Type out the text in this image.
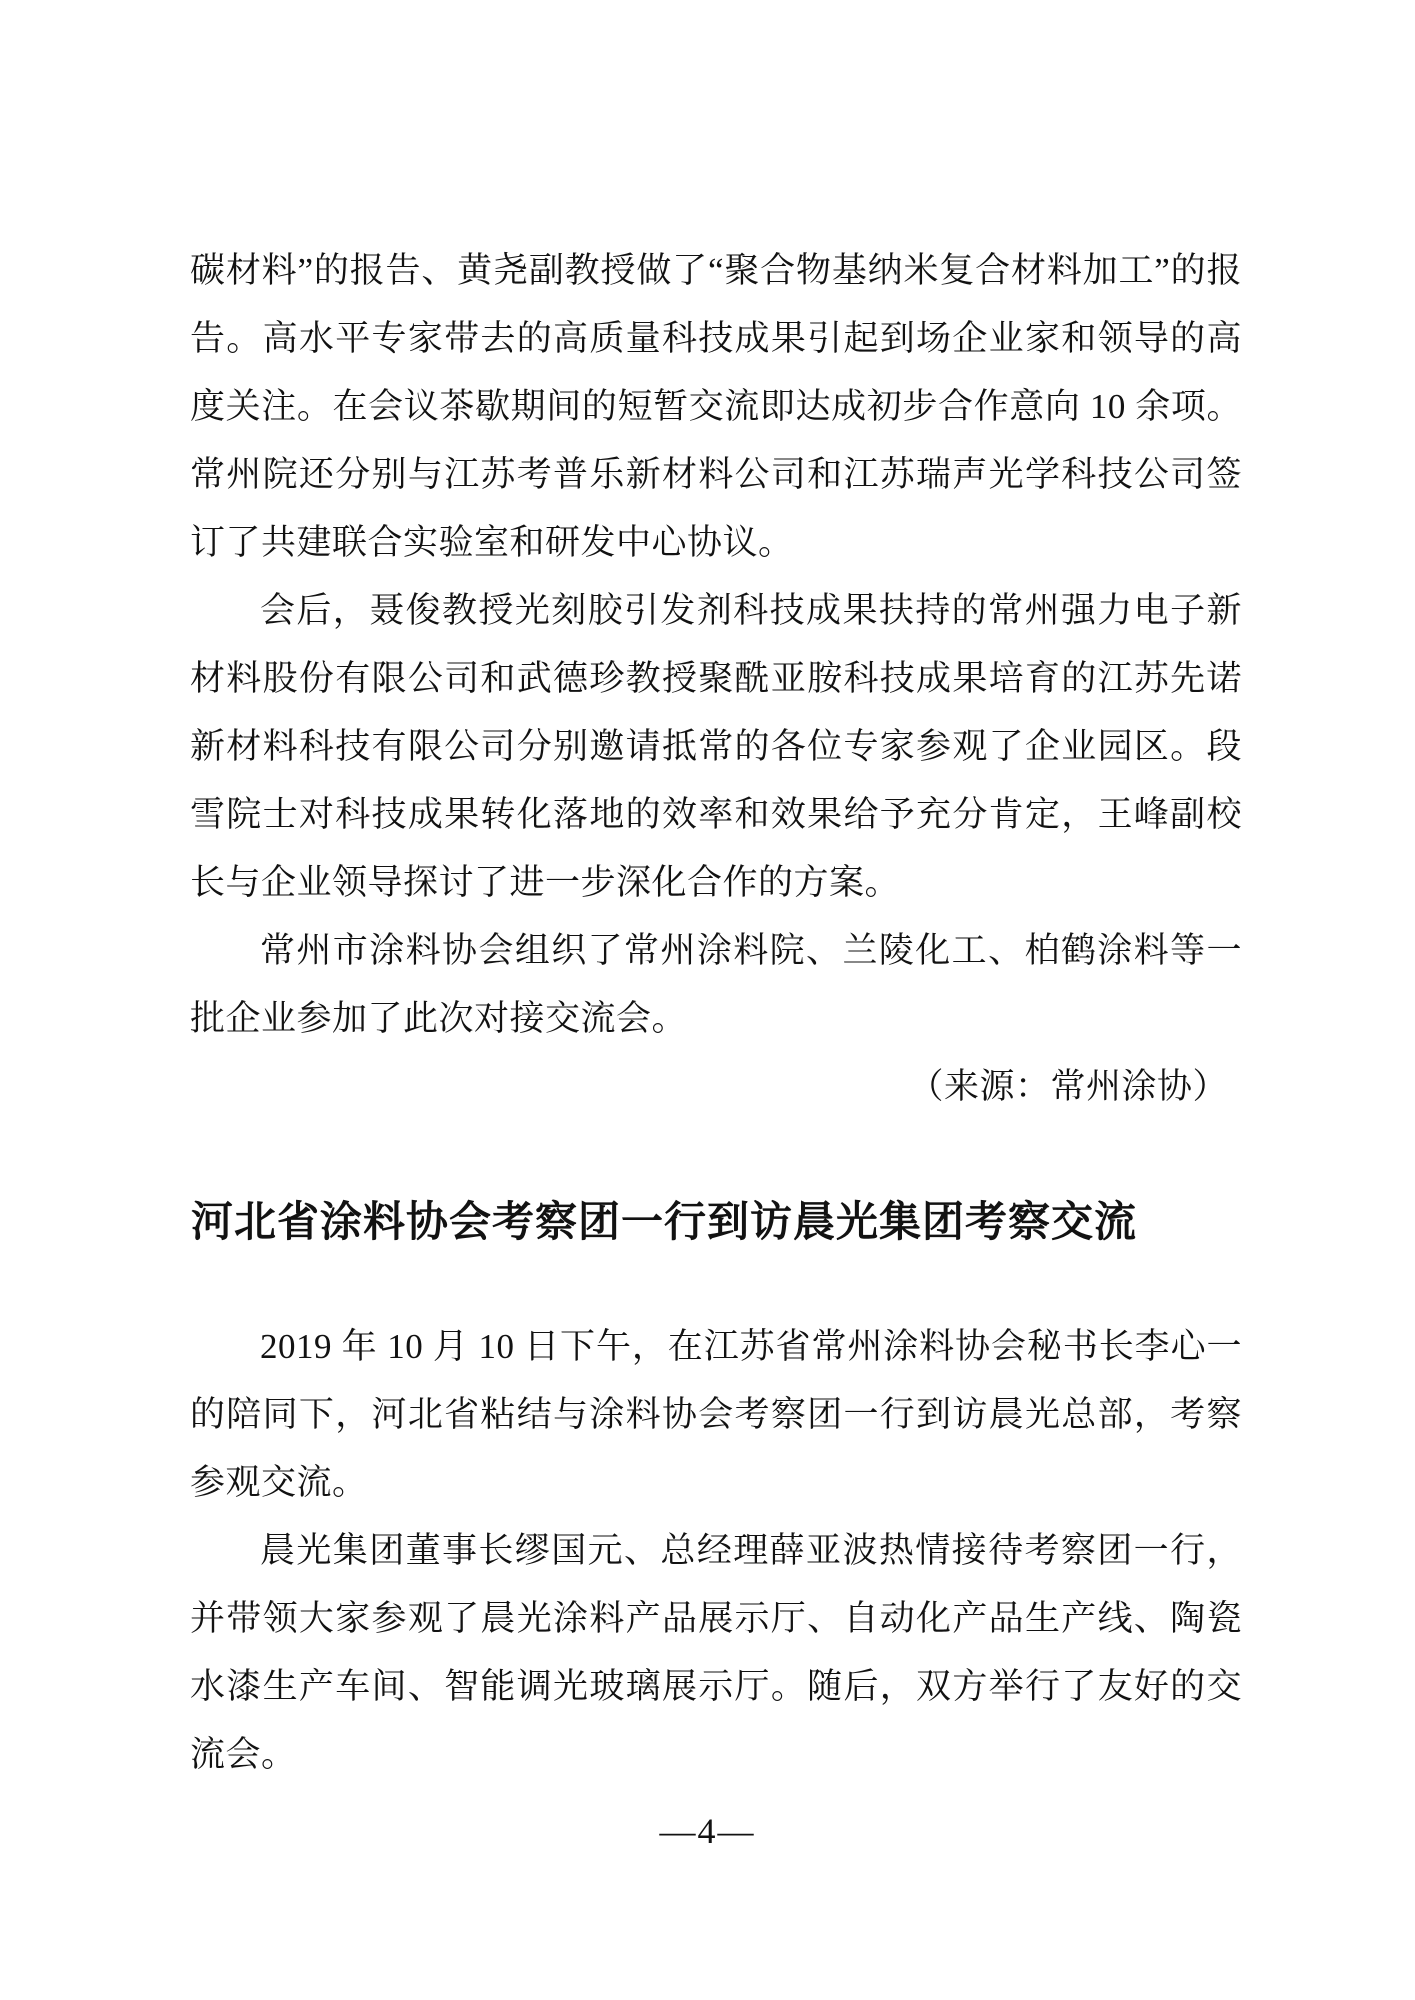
碳材料”的报告、黄尧副教授做了“聚合物基纳米复合材料加工”的报告。高水平专家带去的高质量科技成果引起到场企业家和领导的高度关注。在会议茶歇期间的短暂交流即达成初步合作意向 10 余项。常州院还分别与江苏考普乐新材料公司和江苏瑞声光学科技公司签订了共建联合实验室和研发中心协议。

会后，聂俊教授光刻胶引发剂科技成果扶持的常州强力电子新材料股份有限公司和武德珍教授聚酰亚胺科技成果培育的江苏先诺新材料科技有限公司分别邀请抵常的各位专家参观了企业园区。段雪院士对科技成果转化落地的效率和效果给予充分肯定，王峰副校长与企业领导探讨了进一步深化合作的方案。

常州市涂料协会组织了常州涂料院、兰陵化工、柏鹤涂料等一批企业参加了此次对接交流会。

（来源：常州涂协）

河北省涂料协会考察团一行到访晨光集团考察交流

2019 年 10 月 10 日下午，在江苏省常州涂料协会秘书长李心一的陪同下，河北省粘结与涂料协会考察团一行到访晨光总部，考察参观交流。

晨光集团董事长缪国元、总经理薛亚波热情接待考察团一行，并带领大家参观了晨光涂料产品展示厅、自动化产品生产线、陶瓷水漆生产车间、智能调光玻璃展示厅。随后，双方举行了友好的交流会。

—4—
